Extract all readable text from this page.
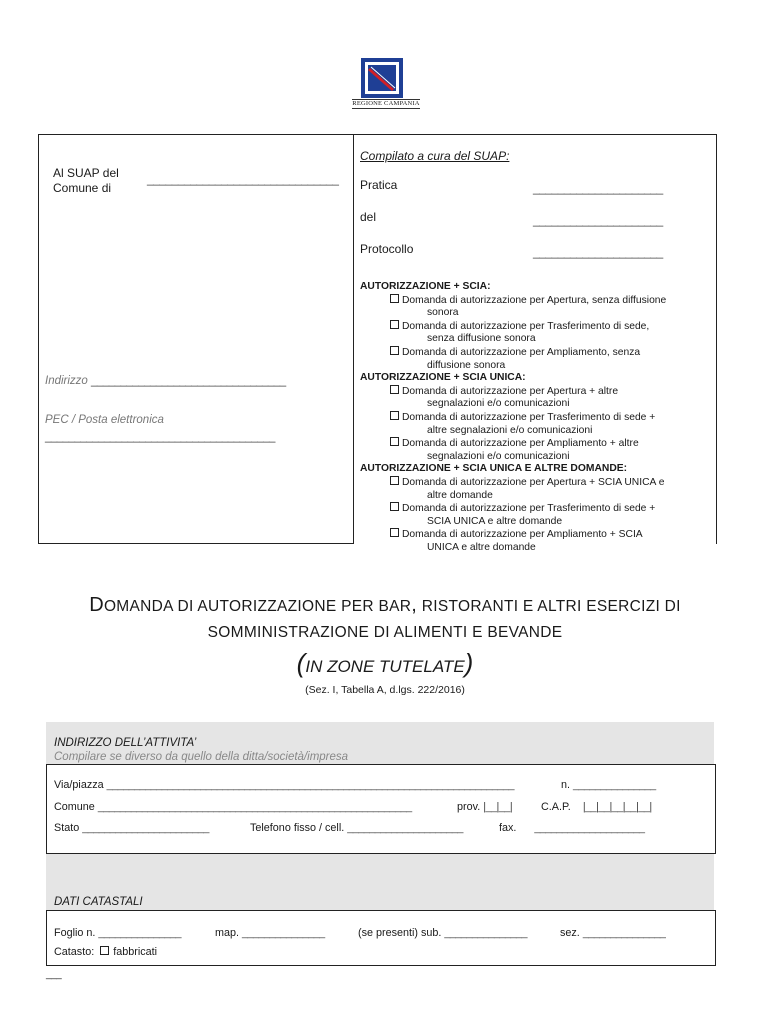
REGIONE CAMPANIA
Al SUAP del
Comune di
_______________________________
Indirizzo _________________________________
PEC / Posta elettronica
_______________________________________
Compilato a cura del SUAP:
Pratica	_____________________
del	_____________________
Protocollo	_____________________
AUTORIZZAZIONE + SCIA:
Domanda di autorizzazione per Apertura, senza diffusione
sonora
Domanda di autorizzazione per Trasferimento di sede,
senza diffusione sonora
Domanda di autorizzazione per Ampliamento, senza
diffusione sonora
AUTORIZZAZIONE + SCIA UNICA:
Domanda di autorizzazione per Apertura + altre
segnalazioni e/o comunicazioni
Domanda di autorizzazione per Trasferimento di sede +
altre segnalazioni e/o comunicazioni
Domanda di autorizzazione per Ampliamento + altre
segnalazioni e/o comunicazioni
AUTORIZZAZIONE + SCIA UNICA E ALTRE DOMANDE:
Domanda di autorizzazione per Apertura + SCIA UNICA e
altre domande
Domanda di autorizzazione per Trasferimento di sede +
SCIA UNICA e altre domande
Domanda di autorizzazione per Ampliamento + SCIA
UNICA e altre domande
DOMANDA DI AUTORIZZAZIONE PER BAR, RISTORANTI E ALTRI ESERCIZI DI
SOMMINISTRAZIONE DI ALIMENTI E BEVANDE
(IN ZONE TUTELATE)
(Sez. I, Tabella A, d.lgs. 222/2016)
INDIRIZZO DELL’ATTIVITA’
Compilare se diverso da quello della ditta/società/impresa
Via/piazza __________________________________________________________________________	n. _______________
Comune _________________________________________________________	prov. |__|__|	C.A.P. |__|__|__|__|__|
Stato _______________________	Telefono fisso / cell. _____________________	fax. ____________________
DATI CATASTALI
Foglio n. _______________	map. _______________	(se presenti) sub. _______________	sez. _______________
Catasto: fabbricati
___
